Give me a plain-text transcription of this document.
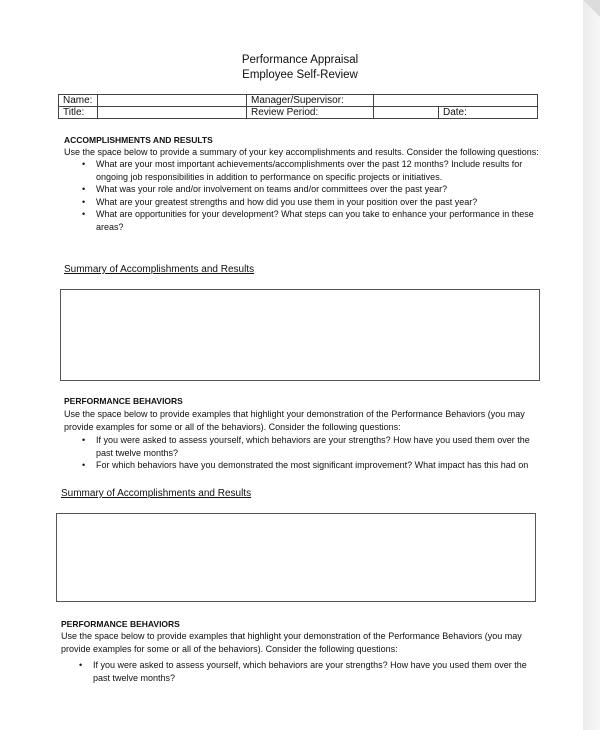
Performance Appraisal
Employee Self-Review
Name:		Manager/Supervisor:		
Title:		Review Period:		Date:
ACCOMPLISHMENTS AND RESULTS
Use the space below to provide a summary of your key accomplishments and results. Consider the following questions:
• What are your most important achievements/accomplishments over the past 12 months? Include results for ongoing job responsibilities in addition to performance on specific projects or initiatives.
• What was your role and/or involvement on teams and/or committees over the past year?
• What are your greatest strengths and how did you use them in your position over the past year?
• What are opportunities for your development? What steps can you take to enhance your performance in these areas?
Summary of Accomplishments and Results
PERFORMANCE BEHAVIORS
Use the space below to provide examples that highlight your demonstration of the Performance Behaviors (you may provide examples for some or all of the behaviors). Consider the following questions:
• If you were asked to assess yourself, which behaviors are your strengths? How have you used them over the past twelve months?
• For which behaviors have you demonstrated the most significant improvement? What impact has this had on
Summary of Accomplishments and Results
PERFORMANCE BEHAVIORS
Use the space below to provide examples that highlight your demonstration of the Performance Behaviors (you may provide examples for some or all of the behaviors). Consider the following questions:
• If you were asked to assess yourself, which behaviors are your strengths? How have you used them over the past twelve months?
